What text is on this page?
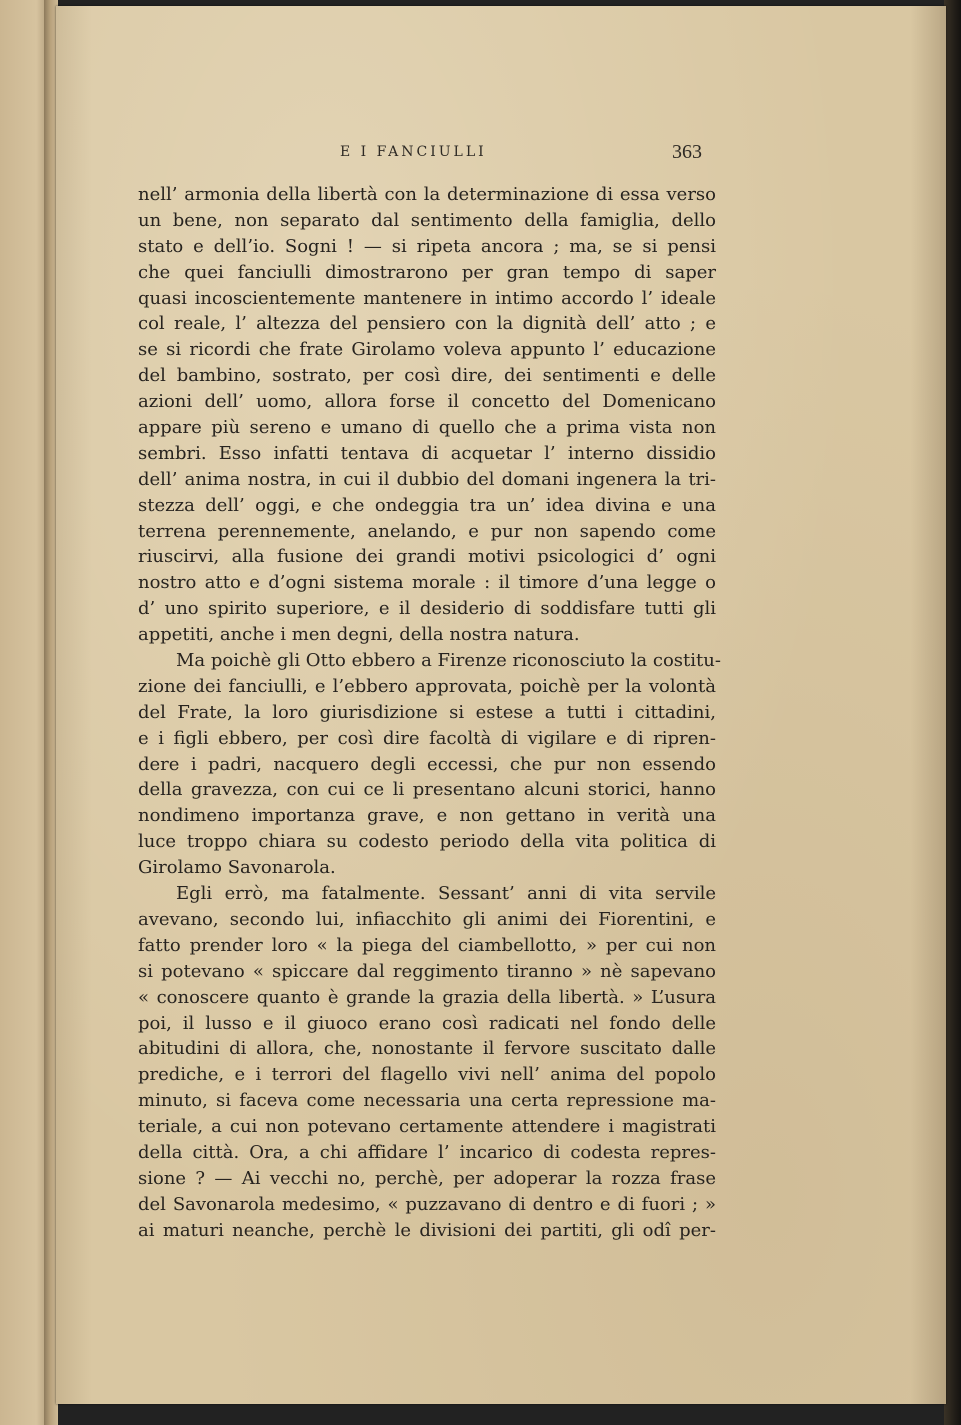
E I FANCIULLI	363
nell’ armonia della libertà con la determinazione di essa verso
un bene, non separato dal sentimento della famiglia, dello
stato e dell’io. Sogni ! — si ripeta ancora ; ma, se si pensi
che quei fanciulli dimostrarono per gran tempo di saper
quasi incoscientemente mantenere in intimo accordo l’ ideale
col reale, l’ altezza del pensiero con la dignità dell’ atto ; e
se si ricordi che frate Girolamo voleva appunto l’ educazione
del bambino, sostrato, per così dire, dei sentimenti e delle
azioni dell’ uomo, allora forse il concetto del Domenicano
appare più sereno e umano di quello che a prima vista non
sembri. Esso infatti tentava di acquetar l’ interno dissidio
dell’ anima nostra, in cui il dubbio del domani ingenera la tri-
stezza dell’ oggi, e che ondeggia tra un’ idea divina e una
terrena perennemente, anelando, e pur non sapendo come
riuscirvi, alla fusione dei grandi motivi psicologici d’ ogni
nostro atto e d’ogni sistema morale : il timore d’una legge o
d’ uno spirito superiore, e il desiderio di soddisfare tutti gli
appetiti, anche i men degni, della nostra natura.
Ma poichè gli Otto ebbero a Firenze riconosciuto la costitu-
zione dei fanciulli, e l’ebbero approvata, poichè per la volontà
del Frate, la loro giurisdizione si estese a tutti i cittadini,
e i figli ebbero, per così dire facoltà di vigilare e di ripren-
dere i padri, nacquero degli eccessi, che pur non essendo
della gravezza, con cui ce li presentano alcuni storici, hanno
nondimeno importanza grave, e non gettano in verità una
luce troppo chiara su codesto periodo della vita politica di
Girolamo Savonarola.
Egli errò, ma fatalmente. Sessant’ anni di vita servile
avevano, secondo lui, infiacchito gli animi dei Fiorentini, e
fatto prender loro « la piega del ciambellotto, » per cui non
si potevano « spiccare dal reggimento tiranno » nè sapevano
« conoscere quanto è grande la grazia della libertà. » L’usura
poi, il lusso e il giuoco erano così radicati nel fondo delle
abitudini di allora, che, nonostante il fervore suscitato dalle
prediche, e i terrori del flagello vivi nell’ anima del popolo
minuto, si faceva come necessaria una certa repressione ma-
teriale, a cui non potevano certamente attendere i magistrati
della città. Ora, a chi affidare l’ incarico di codesta repres-
sione ? — Ai vecchi no, perchè, per adoperar la rozza frase
del Savonarola medesimo, « puzzavano di dentro e di fuori ; »
ai maturi neanche, perchè le divisioni dei partiti, gli odî per-
